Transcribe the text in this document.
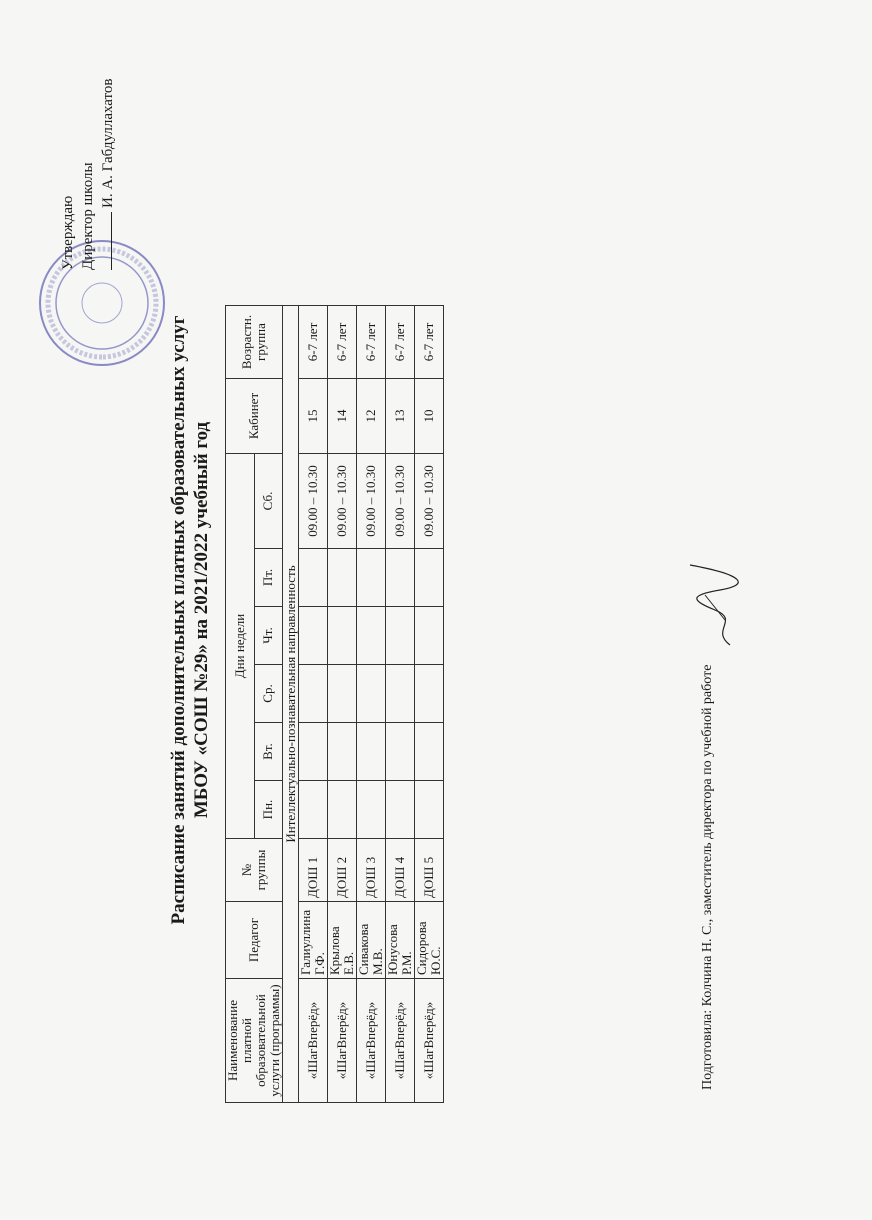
Утверждаю Директор школы
И. А. Габдуллахатов
Расписание занятий дополнительных платных образовательных услуг МБОУ «СОШ №29» на 2021/2022 учебный год
Наименование платной образовательной услуги (программы)	Педагог	№ группы	Дни недели						Кабинет	Возрастн. группа
			Пн.	Вт.	Ср.	Чт.	Пт.	Сб.		
Интеллектуально-познавательная направленность										
«ШагВперёд»	Галиуллина Г.Ф.	ДОШ 1						09.00 – 10.30	15	6-7 лет
«ШагВперёд»	Крылова Е.В.	ДОШ 2						09.00 – 10.30	14	6-7 лет
«ШагВперёд»	Сивакова М.В.	ДОШ 3						09.00 – 10.30	12	6-7 лет
«ШагВперёд»	Юнусова Р.М.	ДОШ 4						09.00 – 10.30	13	6-7 лет
«ШагВперёд»	Сидорова Ю.С.	ДОШ 5						09.00 – 10.30	10	6-7 лет
Подготовила: Колчина Н. С., заместитель директора по учебной работе
